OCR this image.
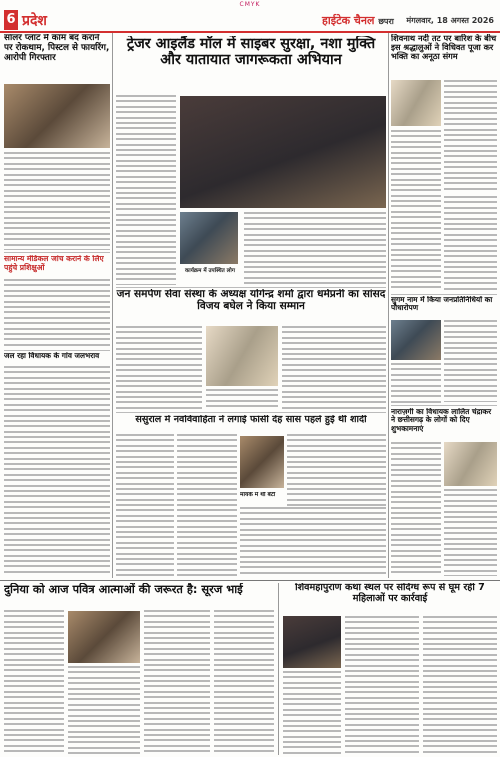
CMYK
6 प्रदेश	हाईटेक चैनल छपरा मंगलवार, 18 अगस्त 2026
सॉलर प्लांट में काम बंद कराने पर रोकथाम, पिस्टल से फायरिंग, आरोपी गिरफ्तार
सामान्य मेडिकल जांच कराने के लिए पहुंचे प्रशिक्षुओं
जल रहा विधायक के गांव जलभराव
ट्रेजर आइलैंड मॉल में साइबर सुरक्षा, नशा मुक्ति और यातायात जागरूकता अभियान
कार्यक्रम में उपस्थित लोग
जन समर्पण सेवा संस्था के अध्यक्ष योगेन्द्र शर्मा द्वारा धर्मप्रनी का सांसद विजय बघेल ने किया सम्मान
ससुराल में नवविवाहिता ने लगाई फांसी देह सास पहले हुई थी शादी
मायके में थी बेटी
शिवनाथ नदी तट पर बारिश के बीच इस श्रद्धालुओं ने विधिवत पूजा कर भक्ति का अनूठा संगम
सुगम नाम में किया जनप्रतिनिधियों का पौधारोपण
नाराज़गी का विधायक लालित चंद्राकर ने छत्तीसगढ़ के लोगों को दिए शुभकामनाएं
दुनिया को आज पवित्र आत्माओं की जरूरत है: सूरज भाई	शिवमहापुराण कथा स्थल पर संदिग्ध रूप से घूम रही 7 महिलाओं पर कार्रवाई
